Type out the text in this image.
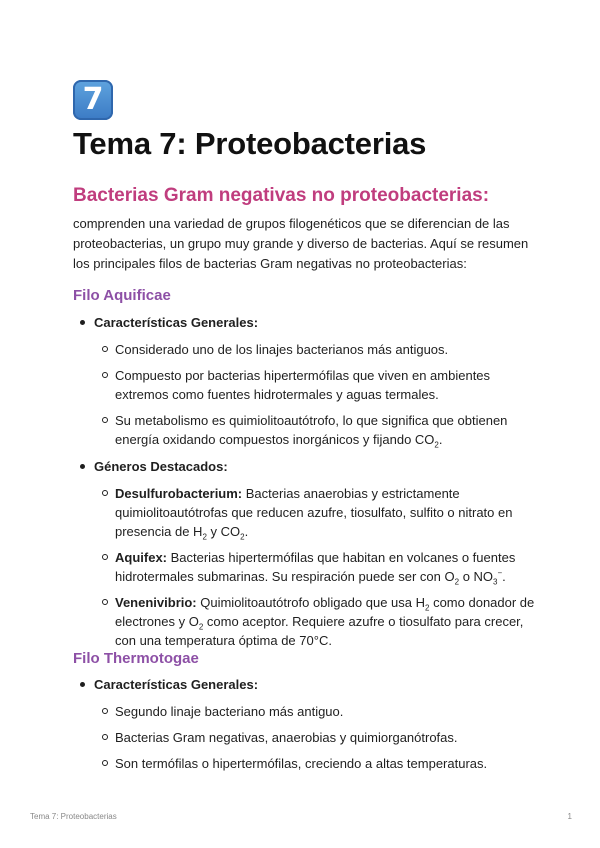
7
Tema 7: Proteobacterias
Bacterias Gram negativas no proteobacterias:

comprenden una variedad de grupos filogenéticos que se diferencian de las proteobacterias, un grupo muy grande y diverso de bacterias. Aquí se resumen los principales filos de bacterias Gram negativas no proteobacterias:

Filo Aquificae
Características Generales:
Considerado uno de los linajes bacterianos más antiguos.
Compuesto por bacterias hipertermófilas que viven en ambientes extremos como fuentes hidrotermales y aguas termales.
Su metabolismo es quimiolitoautótrofo, lo que significa que obtienen energía oxidando compuestos inorgánicos y fijando $CO_2$.
Géneros Destacados:
Desulfurobacterium: Bacterias anaerobias y estrictamente quimiolitoautótrofas que reducen azufre, tiosulfato, sulfito o nitrato en presencia de $H_2$ y $CO_2$.
Aquifex: Bacterias hipertermófilas que habitan en volcanes o fuentes hidrotermales submarinas. Su respiración puede ser con $O_2$ o $NO_3^-$.
Venenivibrio: Quimiolitoautótrofo obligado que usa $H_2$ como donador de electrones y $O_2$ como aceptor. Requiere azufre o tiosulfato para crecer, con una temperatura óptima de 70°C.
Filo Thermotogae
Características Generales:
Segundo linaje bacteriano más antiguo.
Bacterias Gram negativas, anaerobias y quimiorganótrofas.
Son termófilas o hipertermófilas, creciendo a altas temperaturas.
Tema 7: Proteobacterias	1
